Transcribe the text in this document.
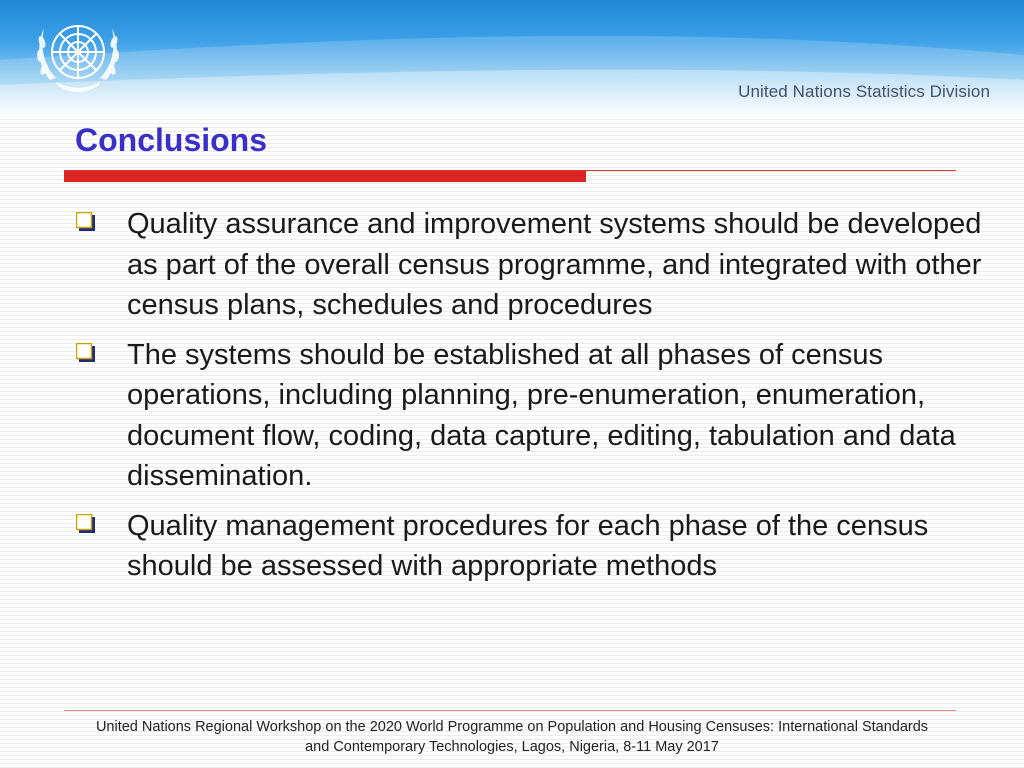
United Nations Statistics Division
Conclusions
Quality assurance and improvement systems should be developed as part of the overall census programme, and integrated with other census plans, schedules and procedures
The systems should be established at all phases of census operations, including planning, pre-enumeration, enumeration, document flow, coding, data capture, editing, tabulation and data dissemination.
Quality management procedures for each phase of the census should be assessed with appropriate methods
United Nations Regional Workshop on the 2020 World Programme on Population and Housing Censuses: International Standards
and Contemporary Technologies, Lagos, Nigeria, 8-11 May 2017
